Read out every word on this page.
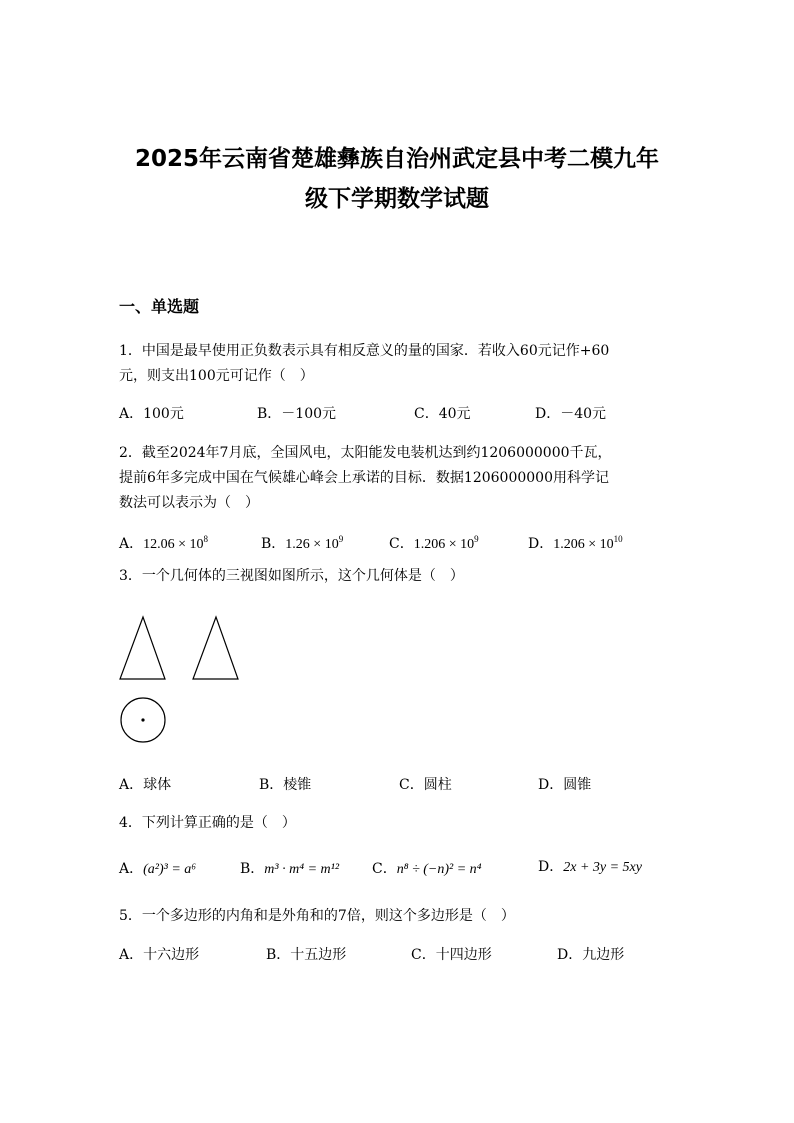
2025年云南省楚雄彝族自治州武定县中考二模九年
级下学期数学试题
一、单选题
1．中国是最早使用正负数表示具有相反意义的量的国家．若收入60元记作+60
元，则支出100元可记作（　）
A．100元	B．－100元	C．40元	D．－40元
2．截至2024年7月底，全国风电，太阳能发电装机达到约1206000000千瓦，
提前6年多完成中国在气候雄心峰会上承诺的目标．数据1206000000用科学记
数法可以表示为（　）
A．$12.06 \times 10^8$	B．$1.26 \times 10^9$	C．$1.206 \times 10^9$	D．$1.206 \times 10^{10}$
3．一个几何体的三视图如图所示，这个几何体是（　）
A．球体	B．棱锥	C．圆柱	D．圆锥
4．下列计算正确的是（　）
A．(a²)³ = a⁶	B．m³ · m⁴ = m¹² C．n⁸ ÷ (−n)² = n⁴	D．2x + 3y = 5xy
5．一个多边形的内角和是外角和的7倍，则这个多边形是（　）
A．十六边形	B．十五边形	C．十四边形	D．九边形
